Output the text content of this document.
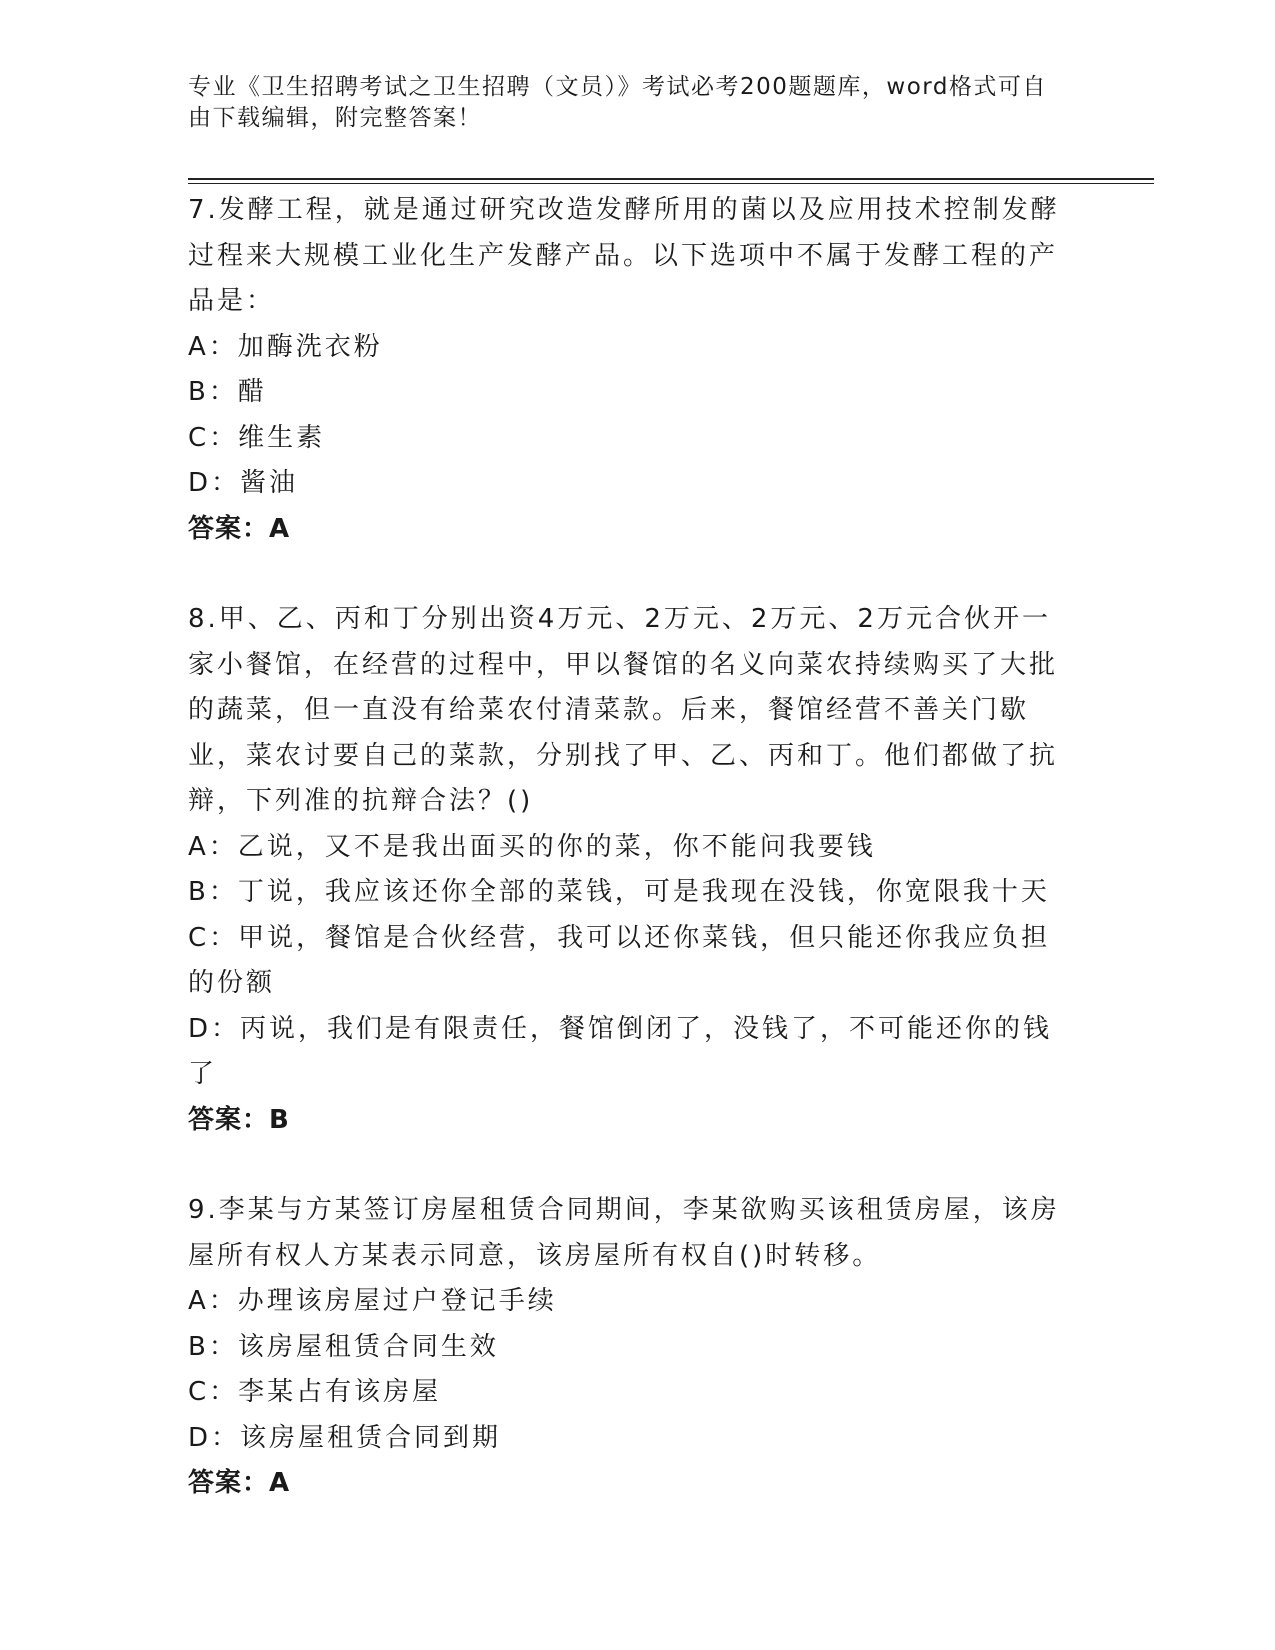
专业《卫生招聘考试之卫生招聘（文员）》考试必考200题题库，word格式可自
由下载编辑，附完整答案！

7.发酵工程，就是通过研究改造发酵所用的菌以及应用技术控制发酵过程来大规模工业化生产发酵产品。以下选项中不属于发酵工程的产品是：

A：加酶洗衣粉

B：醋

C：维生素

D：酱油

答案：A

8.甲、乙、丙和丁分别出资4万元、2万元、2万元、2万元合伙开一家小餐馆，在经营的过程中，甲以餐馆的名义向菜农持续购买了大批的蔬菜，但一直没有给菜农付清菜款。后来，餐馆经营不善关门歇业，菜农讨要自己的菜款，分别找了甲、乙、丙和丁。他们都做了抗辩，下列准的抗辩合法？()

A：乙说，又不是我出面买的你的菜，你不能问我要钱

B：丁说，我应该还你全部的菜钱，可是我现在没钱，你宽限我十天

C：甲说，餐馆是合伙经营，我可以还你菜钱，但只能还你我应负担的份额

D：丙说，我们是有限责任，餐馆倒闭了，没钱了，不可能还你的钱了

答案：B

9.李某与方某签订房屋租赁合同期间，李某欲购买该租赁房屋，该房屋所有权人方某表示同意，该房屋所有权自()时转移。

A：办理该房屋过户登记手续

B：该房屋租赁合同生效

C：李某占有该房屋

D：该房屋租赁合同到期

答案：A
